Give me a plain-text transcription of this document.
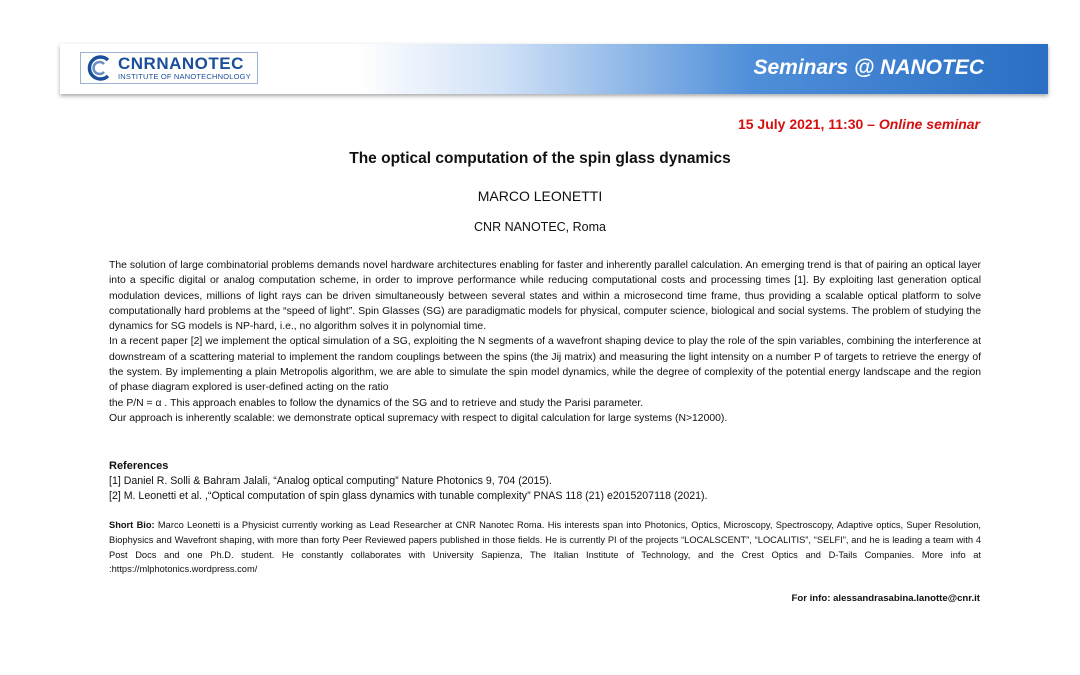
CNRNANOTEC
INSTITUTE OF NANOTECHNOLOGY	Seminars @ NANOTEC
15 July 2021, 11:30 – Online seminar
The optical computation of the spin glass dynamics
MARCO LEONETTI
CNR NANOTEC, Roma

The solution of large combinatorial problems demands novel hardware architectures enabling for faster and inherently parallel calculation. An emerging trend is that of pairing an optical layer into a specific digital or analog computation scheme, in order to improve performance while reducing computational costs and processing times [1]. By exploiting last generation optical modulation devices, millions of light rays can be driven simultaneously between several states and within a microsecond time frame, thus providing a scalable optical platform to solve computationally hard problems at the “speed of light”. Spin Glasses (SG) are paradigmatic models for physical, computer science, biological and social systems. The problem of studying the dynamics for SG models is NP-hard, i.e., no algorithm solves it in polynomial time.

In a recent paper [2] we implement the optical simulation of a SG, exploiting the N segments of a wavefront shaping device to play the role of the spin variables, combining the interference at downstream of a scattering material to implement the random couplings between the spins (the Jij matrix) and measuring the light intensity on a number P of targets to retrieve the energy of the system. By implementing a plain Metropolis algorithm, we are able to simulate the spin model dynamics, while the degree of complexity of the potential energy landscape and the region of phase diagram explored is user-defined acting on the ratio

the P/N = α . This approach enables to follow the dynamics of the SG and to retrieve and study the Parisi parameter.

Our approach is inherently scalable: we demonstrate optical supremacy with respect to digital calculation for large systems (N>12000).

References
[1] Daniel R. Solli & Bahram Jalali, “Analog optical computing” Nature Photonics 9, 704 (2015).
[2] M. Leonetti et al. ,“Optical computation of spin glass dynamics with tunable complexity” PNAS 118 (21) e2015207118 (2021).
Short Bio: Marco Leonetti is a Physicist currently working as Lead Researcher at CNR Nanotec Roma. His interests span into Photonics, Optics, Microscopy, Spectroscopy, Adaptive optics, Super Resolution, Biophysics and Wavefront shaping, with more than forty Peer Reviewed papers published in those fields. He is currently PI of the projects “LOCALSCENT”, “LOCALITIS”, “SELFI”, and he is leading a team with 4 Post Docs and one Ph.D. student. He constantly collaborates with University Sapienza, The Italian Institute of Technology, and the Crest Optics and D-Tails Companies. More info at :https://mlphotonics.wordpress.com/
For info: alessandrasabina.lanotte@cnr.it
